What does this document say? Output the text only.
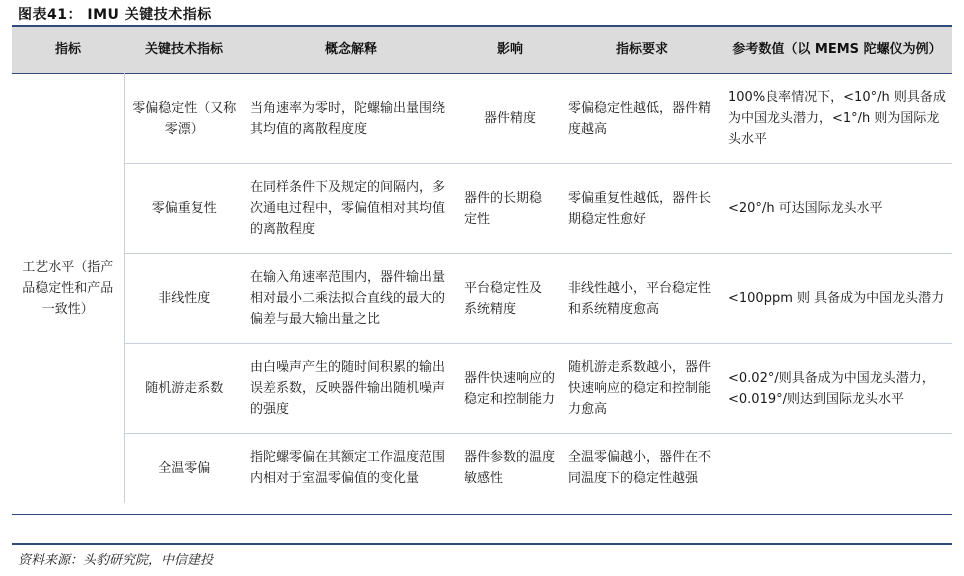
图表41： IMU 关键技术指标
指标	关键技术指标	概念解释	影响	指标要求	参考数值（以 MEMS 陀螺仪为例）
工艺水平（指产品稳定性和产品一致性）	零偏稳定性（又称零漂）	当角速率为零时，陀螺输出量围绕其均值的离散程度度	器件精度	零偏稳定性越低，器件精度越高	100%良率情况下，<10°/h 则具备成为中国龙头潜力，<1°/h 则为国际龙头水平
	零偏重复性	在同样条件下及规定的间隔内，多次通电过程中，零偏值相对其均值的离散程度	器件的长期稳 定性	零偏重复性越低，器件长 期稳定性愈好	<20°/h 可达国际龙头水平
	非线性度	在输入角速率范围内，器件输出量相对最小二乘法拟合直线的最大的偏差与最大输出量之比	平台稳定性及 系统精度	非线性越小，平台稳定性 和系统精度愈高	<100ppm 则 具备成为中国龙头潜力
	随机游走系数	由白噪声产生的随时间积累的输出误差系数，反映器件输出随机噪声的强度	器件快速响应的稳定和控制能力	随机游走系数越小，器件快速响应的稳定和控制能力愈高	<0.02°/则具备成为中国龙头潜力，<0.019°/则达到国际龙头水平
	全温零偏	指陀螺零偏在其额定工作温度范围内相对于室温零偏值的变化量	器件参数的温度敏感性	全温零偏越小，器件在不同温度下的稳定性越强	
资料来源：头豹研究院，中信建投
